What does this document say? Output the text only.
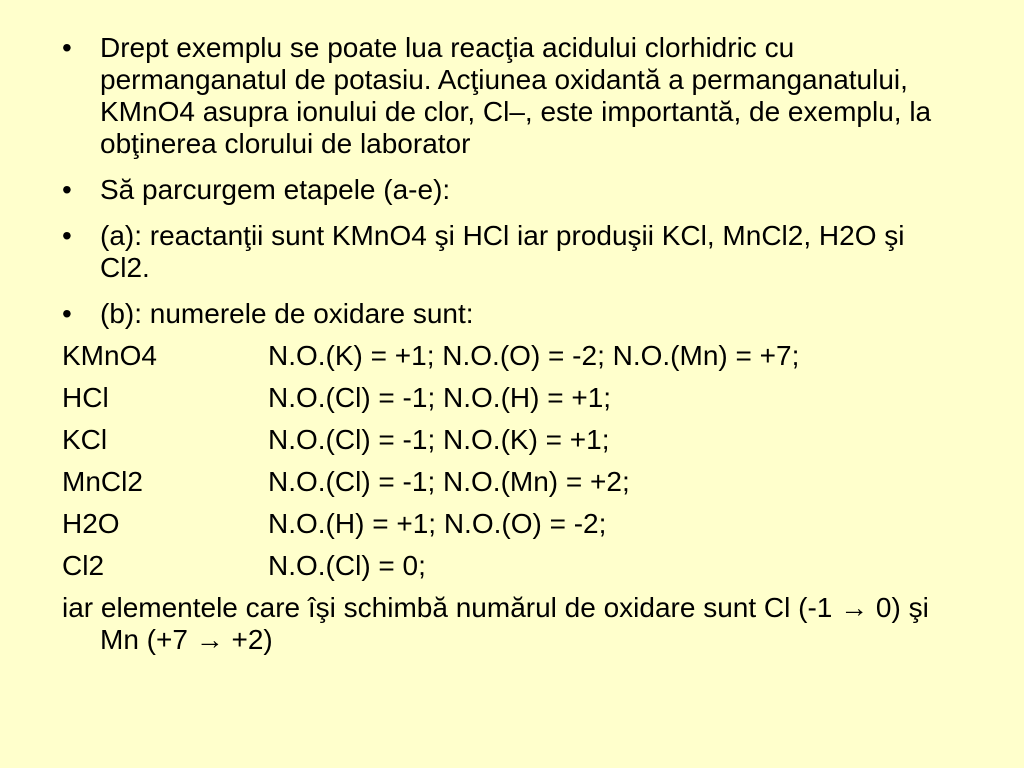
•	Drept exemplu se poate lua reacţia acidului clorhidric cu permanganatul de potasiu. Acţiunea oxidantă a permanganatului, KMnO4 asupra ionului de clor, Cl–, este importantă, de exemplu, la obţinerea clorului de laborator
•	Să parcurgem etapele (a-e):
•	(a): reactanţii sunt KMnO4 şi HCl iar produşii KCl, MnCl2, H2O şi Cl2.
•	(b): numerele de oxidare sunt:
KMnO4	N.O.(K) = +1; N.O.(O) = -2; N.O.(Mn) = +7;
HCl	N.O.(Cl) = -1; N.O.(H) = +1;
KCl	N.O.(Cl) = -1; N.O.(K) = +1;
MnCl2	N.O.(Cl) = -1; N.O.(Mn) = +2;
H2O	N.O.(H) = +1; N.O.(O) = -2;
Cl2	N.O.(Cl) = 0;
iar elementele care îşi schimbă numărul de oxidare sunt Cl (-1 → 0) şi Mn (+7 → +2)
